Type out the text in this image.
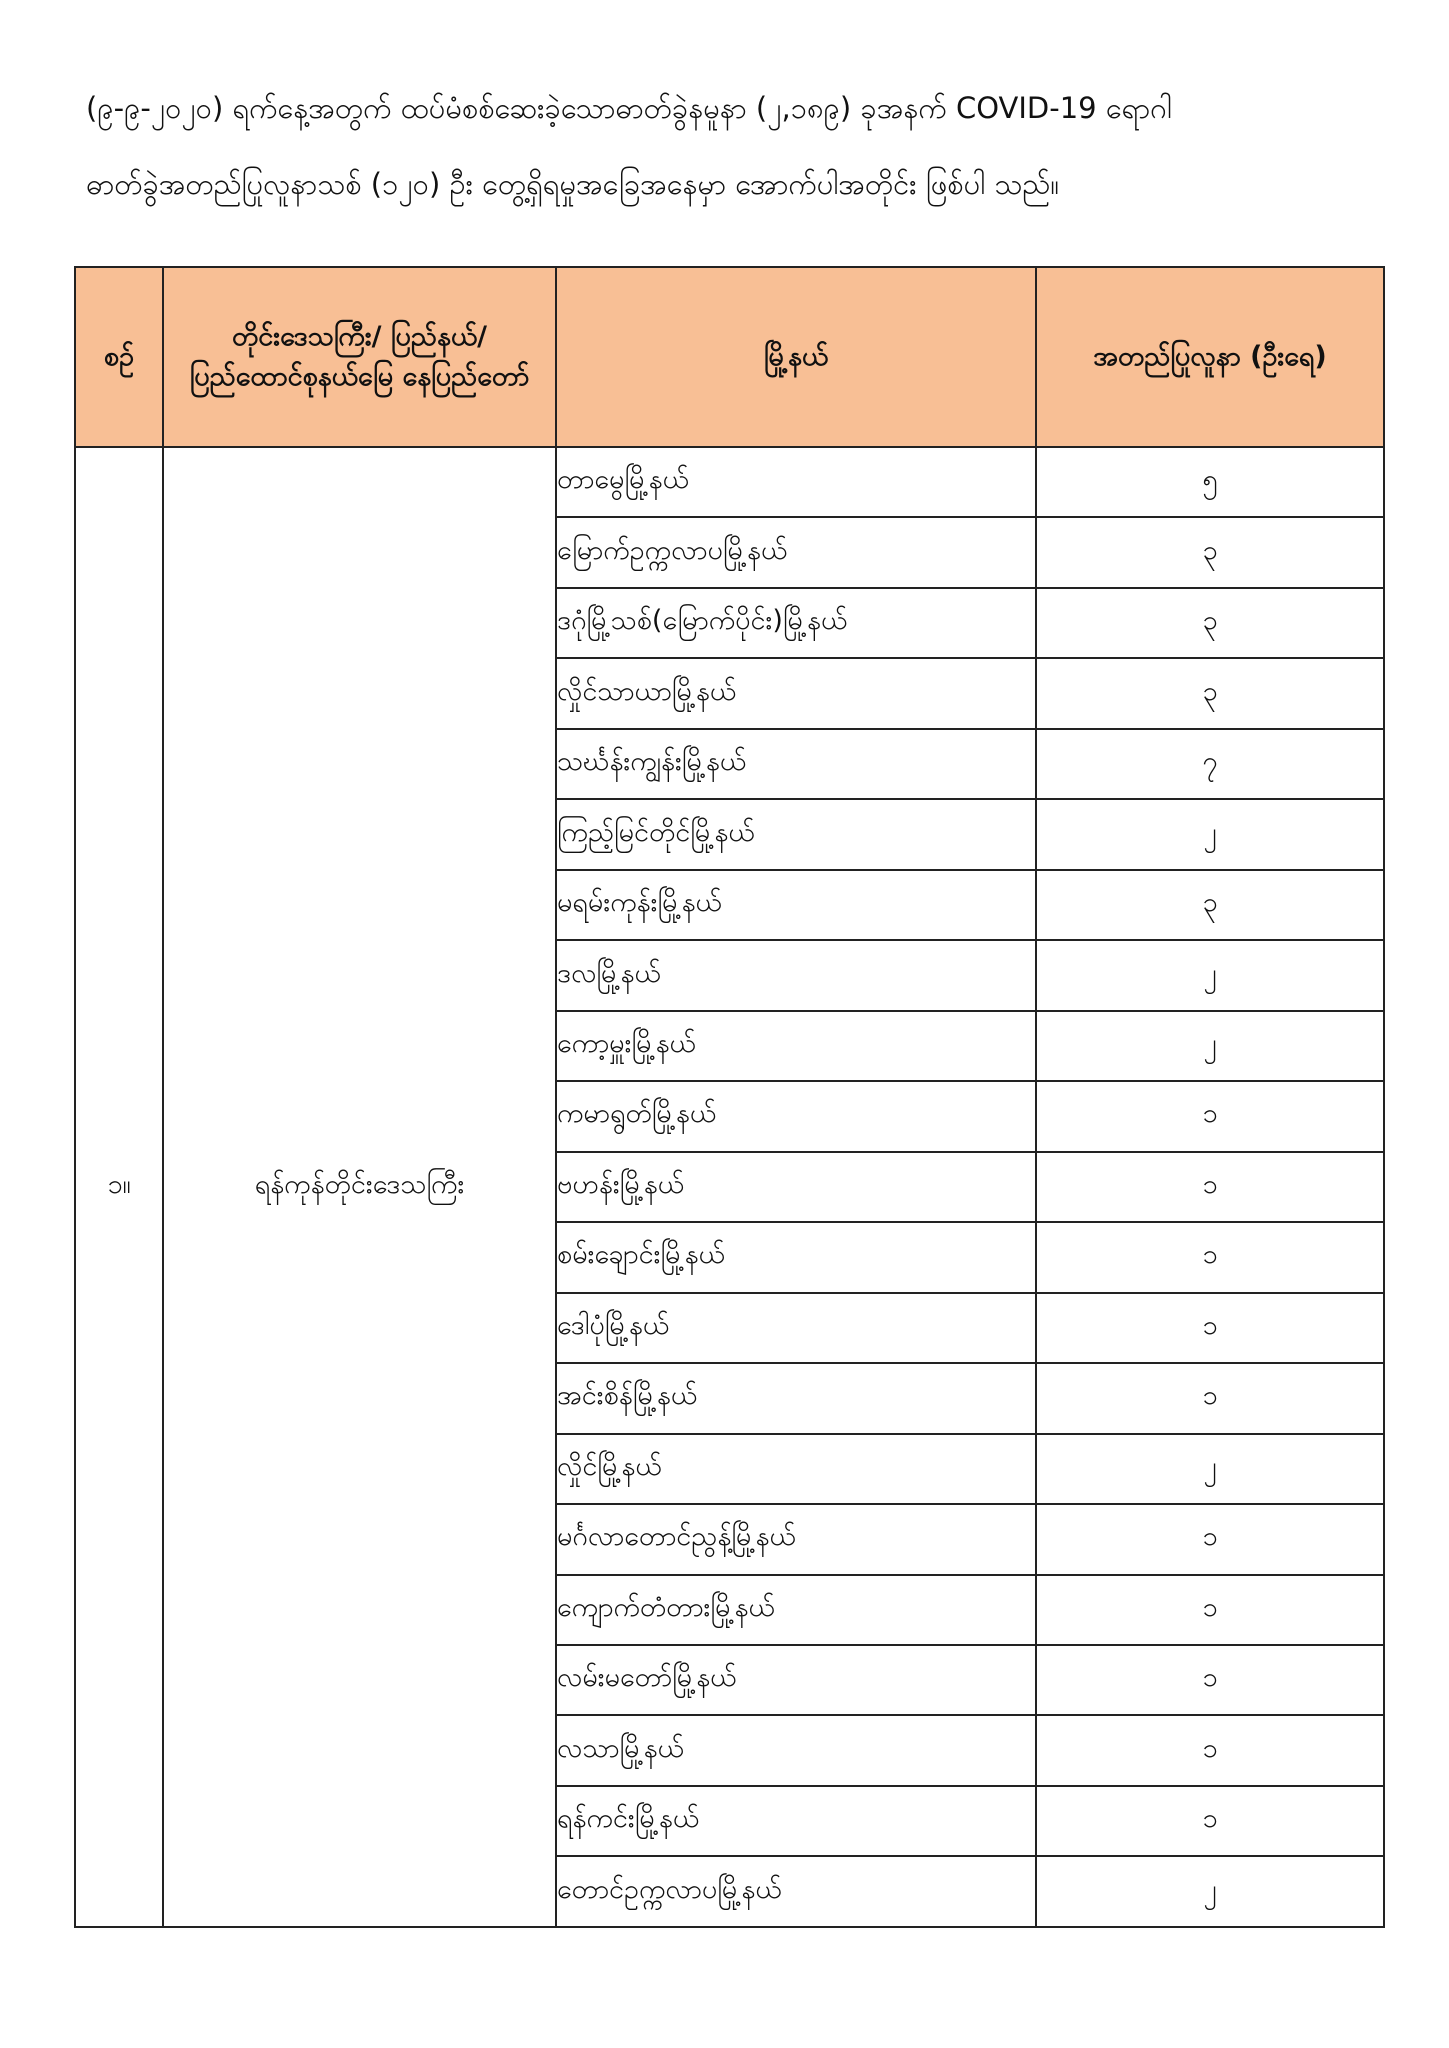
(၉-၉-၂၀၂၀) ရက်နေ့အတွက် ထပ်မံစစ်ဆေးခဲ့သောဓာတ်ခွဲနမူနာ (၂,၁၈၉) ခုအနက် COVID-19 ရောဂါ

ဓာတ်ခွဲအတည်ပြုလူနာသစ် (၁၂၀) ဦး တွေ့ရှိရမှုအခြေအနေမှာ အောက်ပါအတိုင်း ဖြစ်ပါ သည်။

စဉ်	တိုင်းဒေသကြီး/ ပြည်နယ်/ ပြည်ထောင်စုနယ်မြေ နေပြည်တော်	မြို့နယ်	အတည်ပြုလူနာ (ဦးရေ)
၁။	ရန်ကုန်တိုင်းဒေသကြီး	တာမွေမြို့နယ်	၅
		မြောက်ဥက္ကလာပမြို့နယ်	၃
		ဒဂုံမြို့သစ်(မြောက်ပိုင်း)မြို့နယ်	၃
		လှိုင်သာယာမြို့နယ်	၃
		သင်္ဃန်းကျွန်းမြို့နယ်	၇
		ကြည့်မြင်တိုင်မြို့နယ်	၂
		မရမ်းကုန်းမြို့နယ်	၃
		ဒလမြို့နယ်	၂
		ကော့မှူးမြို့နယ်	၂
		ကမာရွတ်မြို့နယ်	၁
		ဗဟန်းမြို့နယ်	၁
		စမ်းချောင်းမြို့နယ်	၁
		ဒေါပုံမြို့နယ်	၁
		အင်းစိန်မြို့နယ်	၁
		လှိုင်မြို့နယ်	၂
		မင်္ဂလာတောင်ညွန့်မြို့နယ်	၁
		ကျောက်တံတားမြို့နယ်	၁
		လမ်းမတော်မြို့နယ်	၁
		လသာမြို့နယ်	၁
		ရန်ကင်းမြို့နယ်	၁
		တောင်ဥက္ကလာပမြို့နယ်	၂
